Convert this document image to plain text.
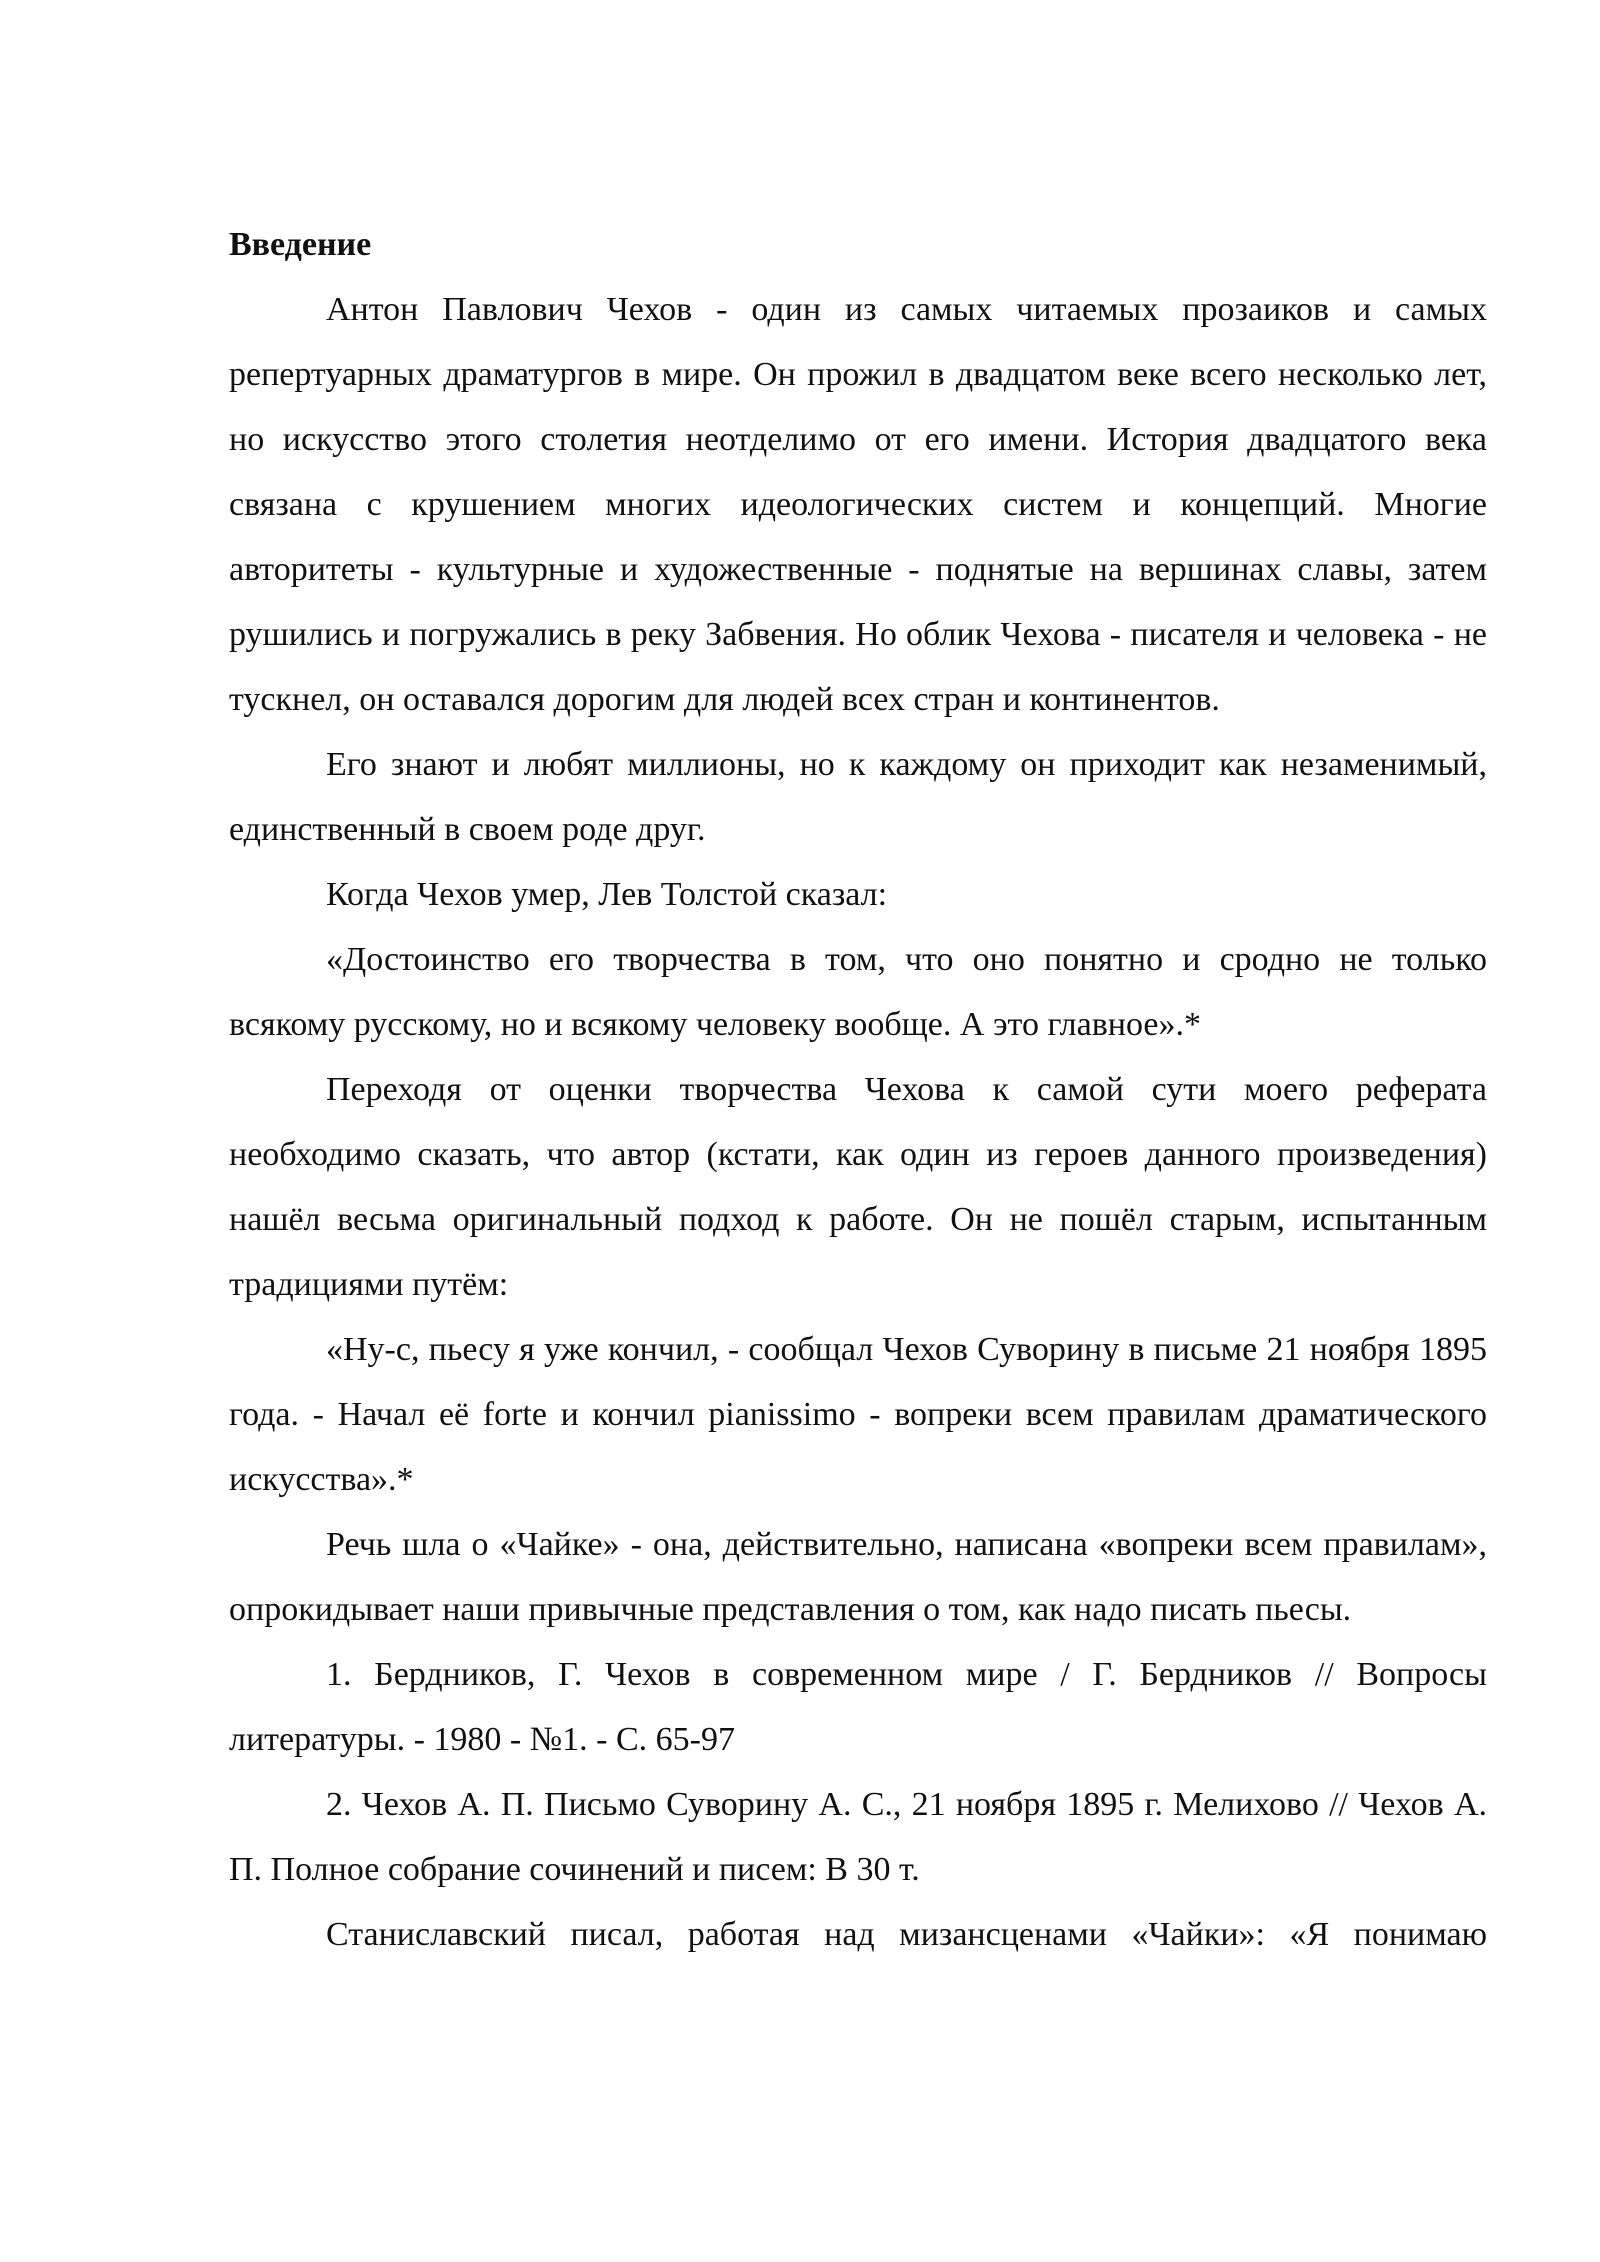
Введение

Антон Павлович Чехов - один из самых читаемых прозаиков и самых репертуарных драматургов в мире. Он прожил в двадцатом веке всего несколько лет, но искусство этого столетия неотделимо от его имени. История двадцатого века связана с крушением многих идеологических систем и концепций. Многие авторитеты - культурные и художественные - поднятые на вершинах славы, затем рушились и погружались в реку Забвения. Но облик Чехова - писателя и человека - не тускнел, он оставался дорогим для людей всех стран и континентов.

Его знают и любят миллионы, но к каждому он приходит как незаменимый, единственный в своем роде друг.

Когда Чехов умер, Лев Толстой сказал:

«Достоинство его творчества в том, что оно понятно и сродно не только всякому русскому, но и всякому человеку вообще. А это главное».*

Переходя от оценки творчества Чехова к самой сути моего реферата необходимо сказать, что автор (кстати, как один из героев данного произведения) нашёл весьма оригинальный подход к работе. Он не пошёл старым, испытанным традициями путём:

«Ну-с, пьесу я уже кончил, - сообщал Чехов Суворину в письме 21 ноября 1895 года. - Начал её forte и кончил pianissimo - вопреки всем правилам драматического искусства».*

Речь шла о «Чайке» - она, действительно, написана «вопреки всем правилам», опрокидывает наши привычные представления о том, как надо писать пьесы.

1. Бердников, Г. Чехов в современном мире / Г. Бердников // Вопросы литературы. - 1980 - №1. - С. 65-97

2. Чехов А. П. Письмо Суворину А. С., 21 ноября 1895 г. Мелихово // Чехов А. П. Полное собрание сочинений и писем: В 30 т.

Станиславский писал, работая над мизансценами «Чайки»: «Я понимаю
